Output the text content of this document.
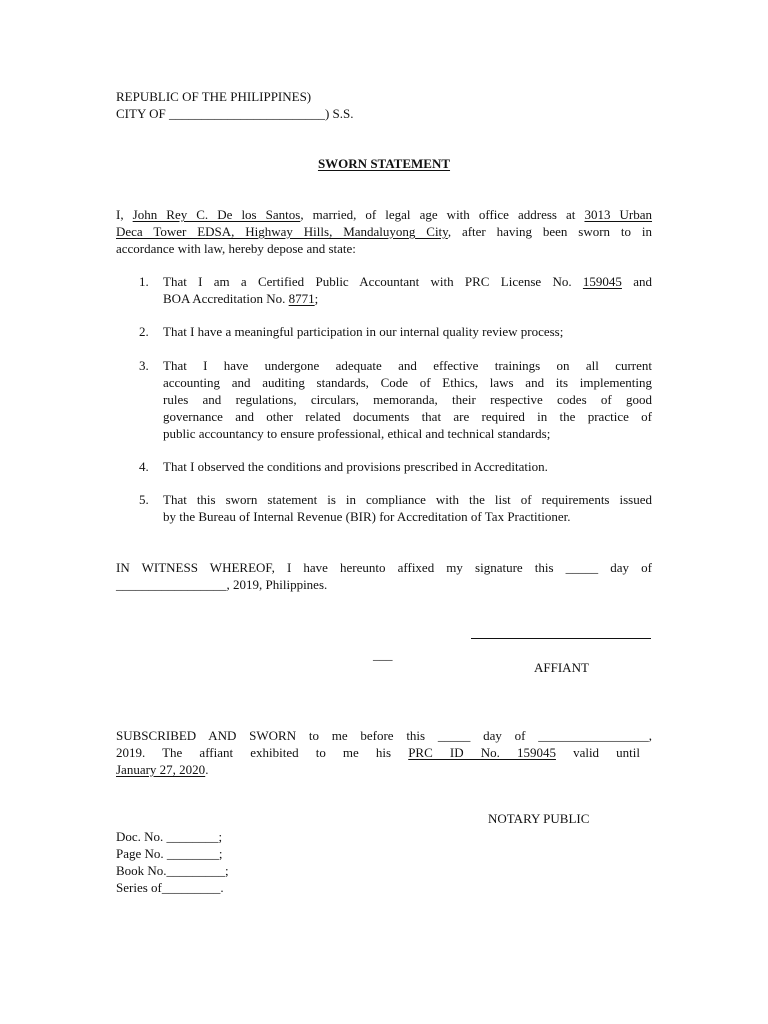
REPUBLIC OF THE PHILIPPINES)
CITY OF ________________________) S.S.
SWORN STATEMENT
I, John Rey C. De los Santos, married, of legal age with office address at 3013 Urban
Deca Tower EDSA, Highway Hills, Mandaluyong City, after having been sworn to in
accordance with law, hereby depose and state:
1. That I am a Certified Public Accountant with PRC License No. 159045 and
BOA Accreditation No. 8771;
2. That I have a meaningful participation in our internal quality review process;
3. That I have undergone adequate and effective trainings on all current
accounting and auditing standards, Code of Ethics, laws and its implementing
rules and regulations, circulars, memoranda, their respective codes of good
governance and other related documents that are required in the practice of
public accountancy to ensure professional, ethical and technical standards;
4. That I observed the conditions and provisions prescribed in Accreditation.
5. That this sworn statement is in compliance with the list of requirements issued
by the Bureau of Internal Revenue (BIR) for Accreditation of Tax Practitioner.
IN WITNESS WHEREOF, I have hereunto affixed my signature this _____ day of
_________________, 2019, Philippines.
___
AFFIANT
SUBSCRIBED AND SWORN to me before this _____ day of _________________,
2019. The affiant exhibited to me his PRC ID No. 159045 valid until
January 27, 2020.
NOTARY PUBLIC
Doc. No. ________;
Page No. ________;
Book No._________;
Series of_________.
